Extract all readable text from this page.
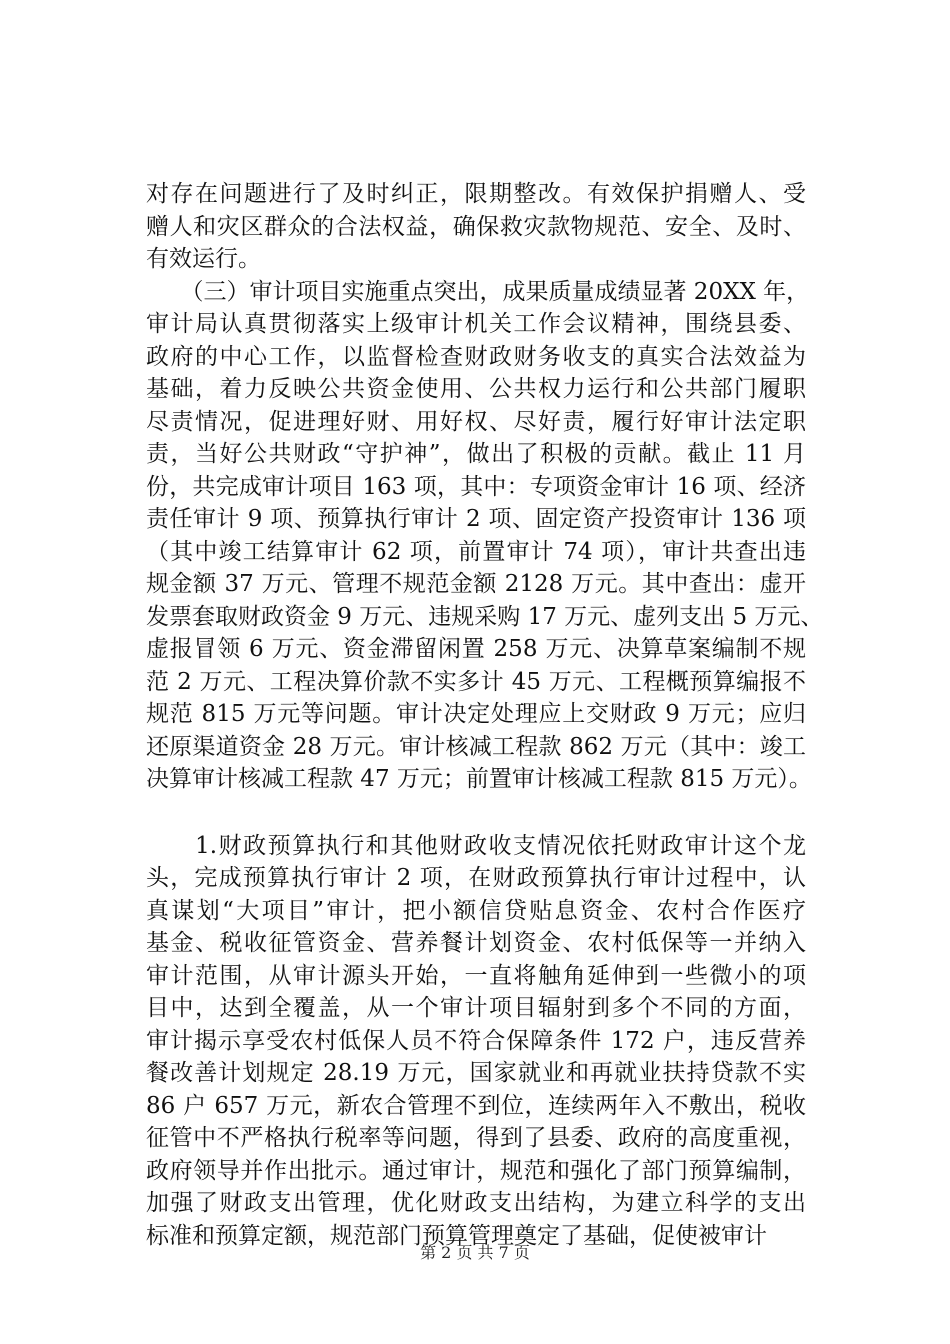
对存在问题进行了及时纠正，限期整改。有效保护捐赠人、受
赠人和灾区群众的合法权益，确保救灾款物规范、安全、及时、
有效运行。
　　（三）审计项目实施重点突出，成果质量成绩显著 20XX 年，
审计局认真贯彻落实上级审计机关工作会议精神，围绕县委、
政府的中心工作，以监督检查财政财务收支的真实合法效益为
基础，着力反映公共资金使用、公共权力运行和公共部门履职
尽责情况，促进理好财、用好权、尽好责，履行好审计法定职
责，当好公共财政“守护神”，做出了积极的贡献。截止 11 月
份，共完成审计项目 163 项，其中：专项资金审计 16 项、经济
责任审计 9 项、预算执行审计 2 项、固定资产投资审计 136 项
（其中竣工结算审计 62 项，前置审计 74 项），审计共查出违
规金额 37 万元、管理不规范金额 2128 万元。其中查出：虚开
发票套取财政资金 9 万元、违规采购 17 万元、虚列支出 5 万元、
虚报冒领 6 万元、资金滞留闲置 258 万元、决算草案编制不规
范 2 万元、工程决算价款不实多计 45 万元、工程概预算编报不
规范 815 万元等问题。审计决定处理应上交财政 9 万元；应归
还原渠道资金 28 万元。审计核减工程款 862 万元（其中：竣工
决算审计核减工程款 47 万元；前置审计核减工程款 815 万元）。
　　1.财政预算执行和其他财政收支情况依托财政审计这个龙
头，完成预算执行审计 2 项，在财政预算执行审计过程中，认
真谋划“大项目”审计，把小额信贷贴息资金、农村合作医疗
基金、税收征管资金、营养餐计划资金、农村低保等一并纳入
审计范围，从审计源头开始，一直将触角延伸到一些微小的项
目中，达到全覆盖，从一个审计项目辐射到多个不同的方面，
审计揭示享受农村低保人员不符合保障条件 172 户，违反营养
餐改善计划规定 28.19 万元，国家就业和再就业扶持贷款不实
86 户 657 万元，新农合管理不到位，连续两年入不敷出，税收
征管中不严格执行税率等问题，得到了县委、政府的高度重视，
政府领导并作出批示。通过审计，规范和强化了部门预算编制，
加强了财政支出管理，优化财政支出结构，为建立科学的支出
标准和预算定额，规范部门预算管理奠定了基础，促使被审计
第 2 页 共 7 页
